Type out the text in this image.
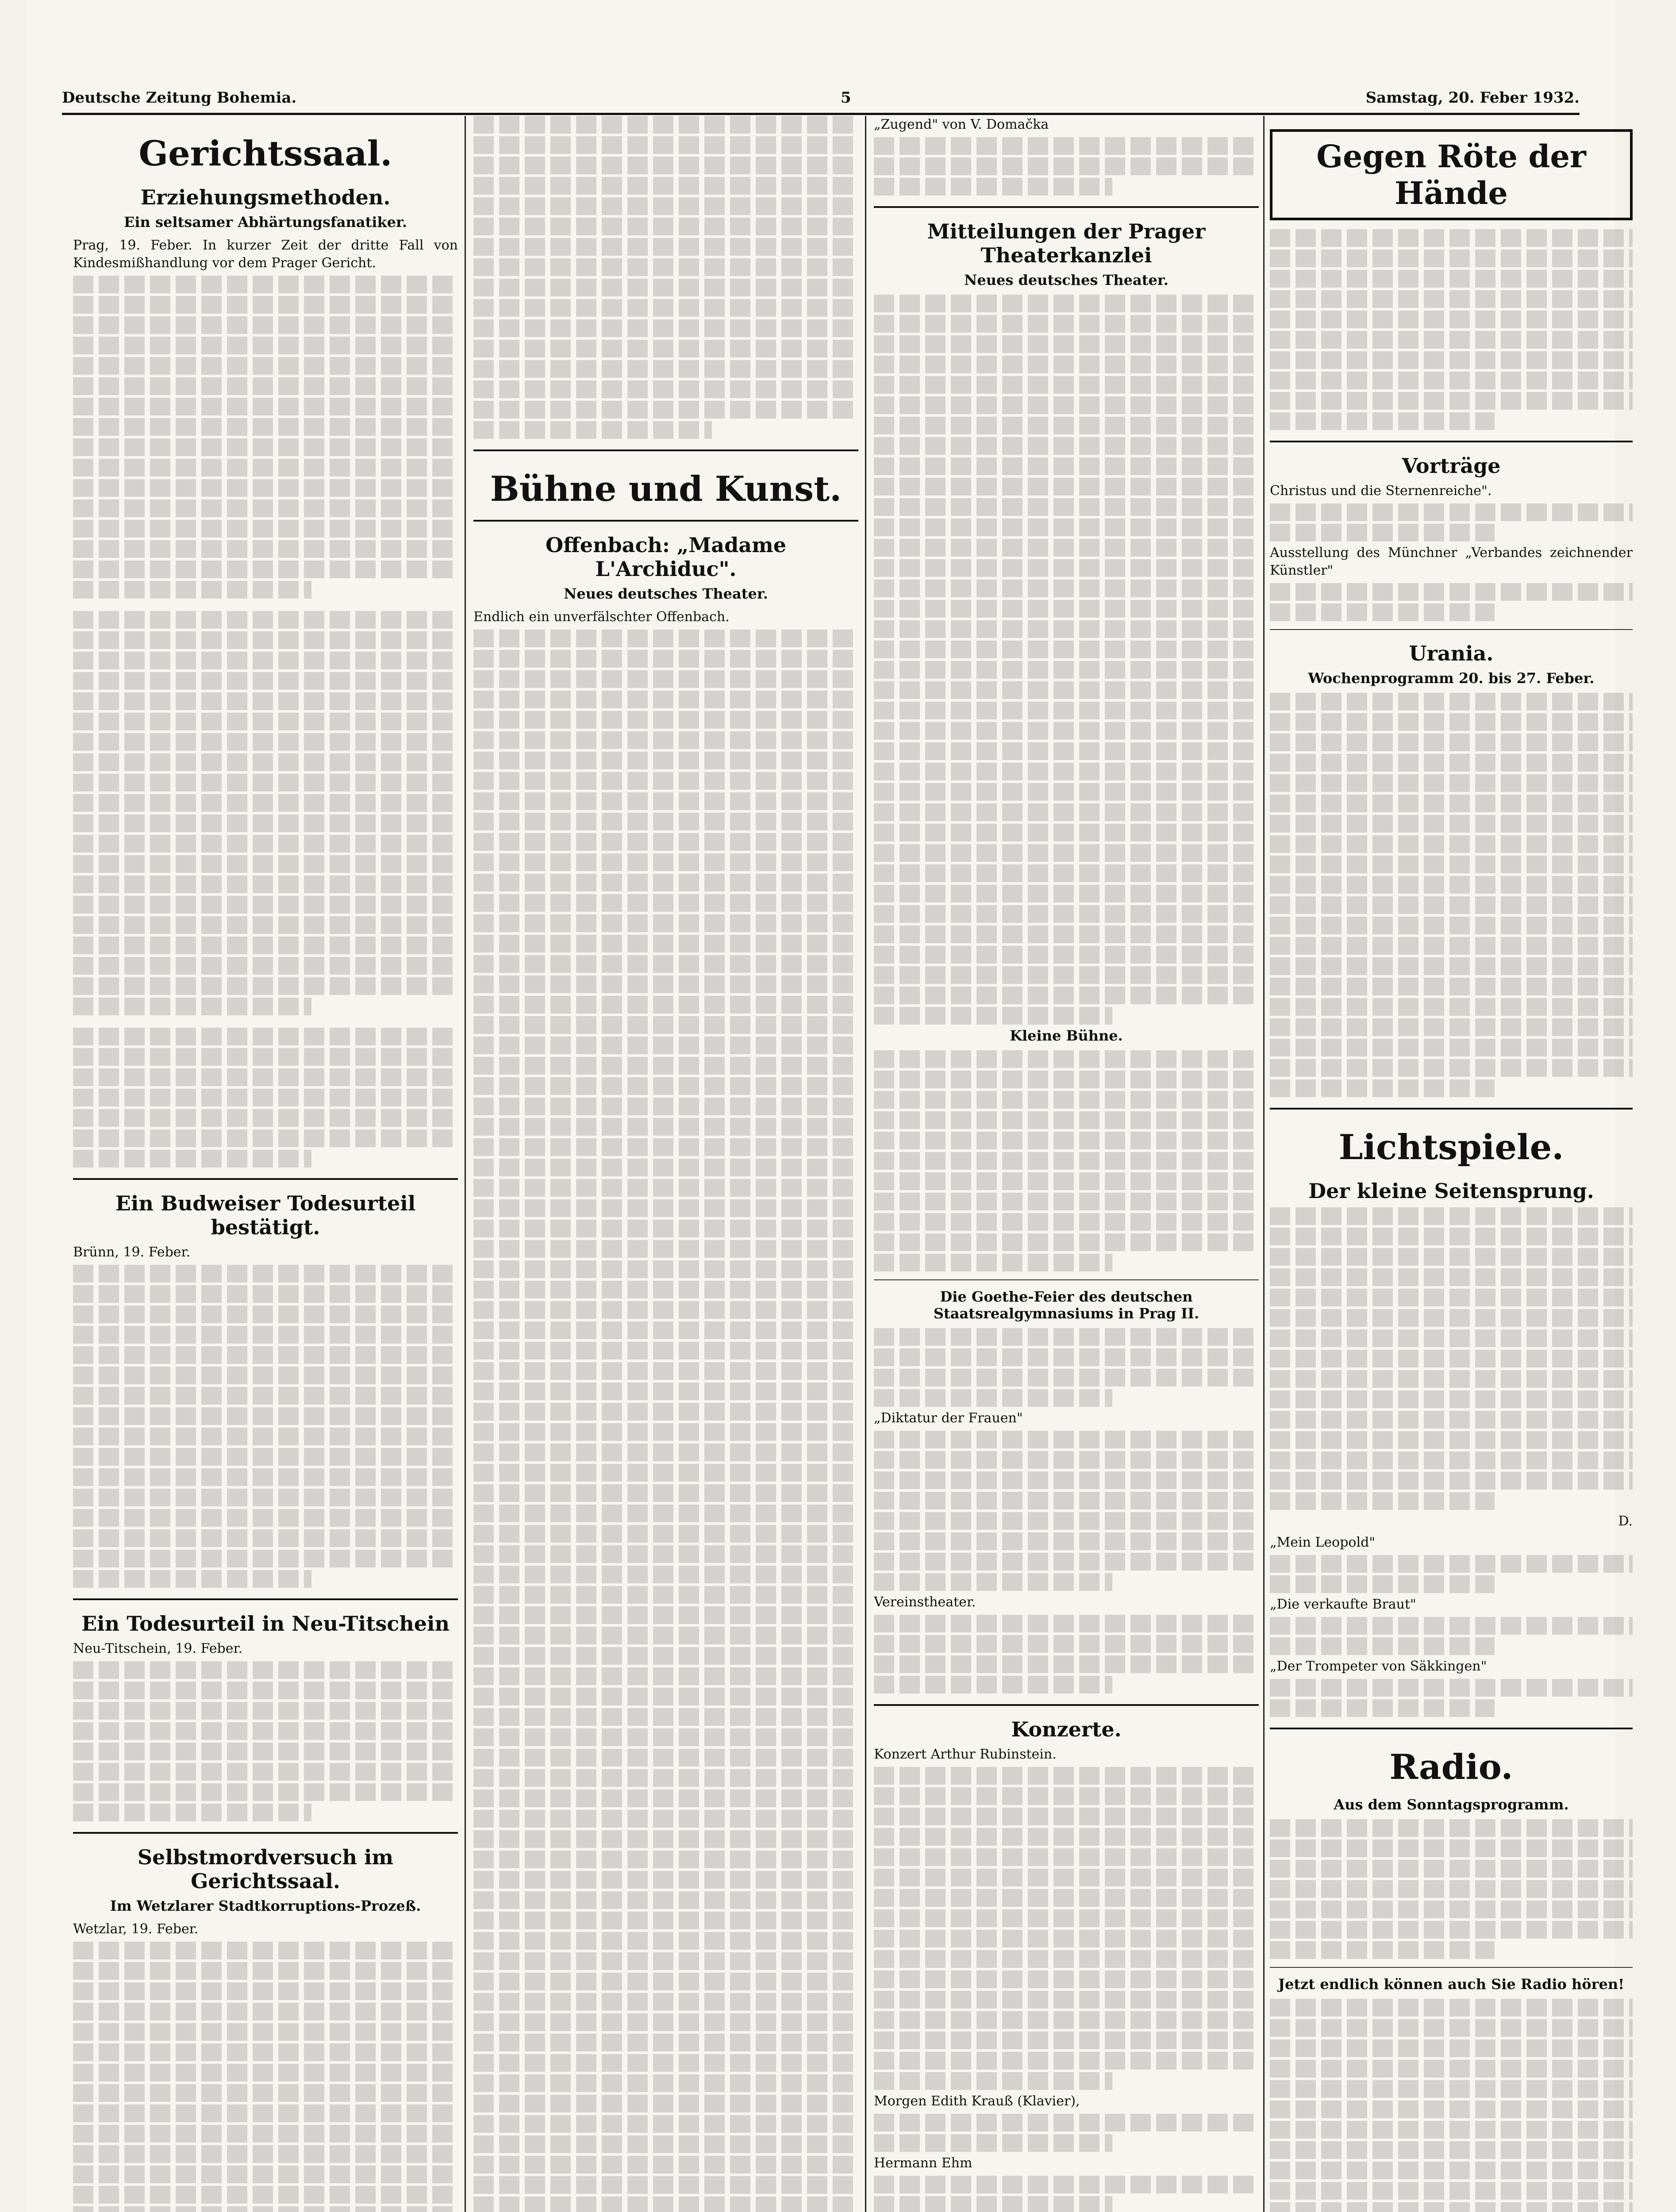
Deutsche Zeitung Bohemia.	5	Samstag, 20. Feber 1932.
Gerichtssaal.
Erziehungsmethoden.
Ein seltsamer Abhärtungsfanatiker.
Prag, 19. Feber. In kurzer Zeit der dritte Fall von Kindesmißhandlung vor dem Prager Gericht.
Ein Budweiser Todesurteil bestätigt.
Brünn, 19. Feber.
Ein Todesurteil in Neu-Titschein
Neu-Titschein, 19. Feber.
Selbstmordversuch im Gerichtssaal.
Im Wetzlarer Stadtkorruptions-Prozeß.
Wetzlar, 19. Feber.
Bühne und Kunst.
Offenbach: „Madame L'Archiduc".
Neues deutsches Theater.
Endlich ein unverfälschter Offenbach.
„Zugend" von V. Domačka
Mitteilungen der Prager Theaterkanzlei
Neues deutsches Theater.
Kleine Bühne.
Die Goethe-Feier des deutschen Staatsrealgymnasiums in Prag II.
„Diktatur der Frauen"
Vereinstheater.
Konzerte.
Konzert Arthur Rubinstein.
Morgen Edith Krauß (Klavier),
Hermann Ehm
Gegen Röte der Hände
Vorträge
Christus und die Sternenreiche".
Ausstellung des Münchner „Verbandes zeichnender Künstler"
Urania.
Wochenprogramm 20. bis 27. Feber.
Lichtspiele.
Der kleine Seitensprung.
D.
„Mein Leopold"
„Die verkaufte Braut"
„Der Trompeter von Säkkingen"
Radio.
Aus dem Sonntagsprogramm.
Jetzt endlich können auch Sie Radio hören!
